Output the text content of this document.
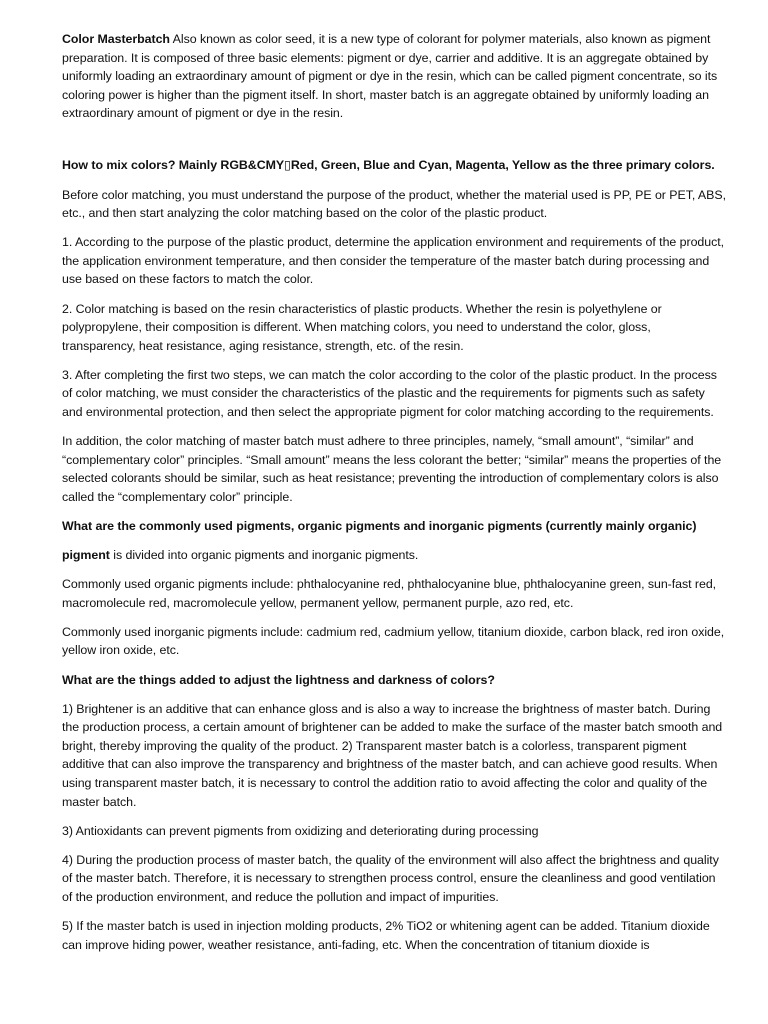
Color Masterbatch Also known as color seed, it is a new type of colorant for polymer materials, also known as pigment preparation. It is composed of three basic elements: pigment or dye, carrier and additive. It is an aggregate obtained by uniformly loading an extraordinary amount of pigment or dye in the resin, which can be called pigment concentrate, so its coloring power is higher than the pigment itself. In short, master batch is an aggregate obtained by uniformly loading an extraordinary amount of pigment or dye in the resin.

How to mix colors? Mainly RGB&CMY▯Red, Green, Blue and Cyan, Magenta, Yellow as the three primary colors.

Before color matching, you must understand the purpose of the product, whether the material used is PP, PE or PET, ABS, etc., and then start analyzing the color matching based on the color of the plastic product.

1. According to the purpose of the plastic product, determine the application environment and requirements of the product, the application environment temperature, and then consider the temperature of the master batch during processing and use based on these factors to match the color.

2. Color matching is based on the resin characteristics of plastic products. Whether the resin is polyethylene or polypropylene, their composition is different. When matching colors, you need to understand the color, gloss, transparency, heat resistance, aging resistance, strength, etc. of the resin.

3. After completing the first two steps, we can match the color according to the color of the plastic product. In the process of color matching, we must consider the characteristics of the plastic and the requirements for pigments such as safety and environmental protection, and then select the appropriate pigment for color matching according to the requirements.

In addition, the color matching of master batch must adhere to three principles, namely, “small amount”, “similar” and “complementary color” principles. “Small amount” means the less colorant the better; “similar” means the properties of the selected colorants should be similar, such as heat resistance; preventing the introduction of complementary colors is also called the “complementary color” principle.

What are the commonly used pigments, organic pigments and inorganic pigments (currently mainly organic)

pigment is divided into organic pigments and inorganic pigments.

Commonly used organic pigments include: phthalocyanine red, phthalocyanine blue, phthalocyanine green, sun-fast red, macromolecule red, macromolecule yellow, permanent yellow, permanent purple, azo red, etc.

Commonly used inorganic pigments include: cadmium red, cadmium yellow, titanium dioxide, carbon black, red iron oxide, yellow iron oxide, etc.

What are the things added to adjust the lightness and darkness of colors?

1) Brightener is an additive that can enhance gloss and is also a way to increase the brightness of master batch. During the production process, a certain amount of brightener can be added to make the surface of the master batch smooth and bright, thereby improving the quality of the product. 2) Transparent master batch is a colorless, transparent pigment additive that can also improve the transparency and brightness of the master batch, and can achieve good results. When using transparent master batch, it is necessary to control the addition ratio to avoid affecting the color and quality of the master batch.

3) Antioxidants can prevent pigments from oxidizing and deteriorating during processing

4) During the production process of master batch, the quality of the environment will also affect the brightness and quality of the master batch. Therefore, it is necessary to strengthen process control, ensure the cleanliness and good ventilation of the production environment, and reduce the pollution and impact of impurities.

5) If the master batch is used in injection molding products, 2% TiO2 or whitening agent can be added. Titanium dioxide can improve hiding power, weather resistance, anti-fading, etc. When the concentration of titanium dioxide is
